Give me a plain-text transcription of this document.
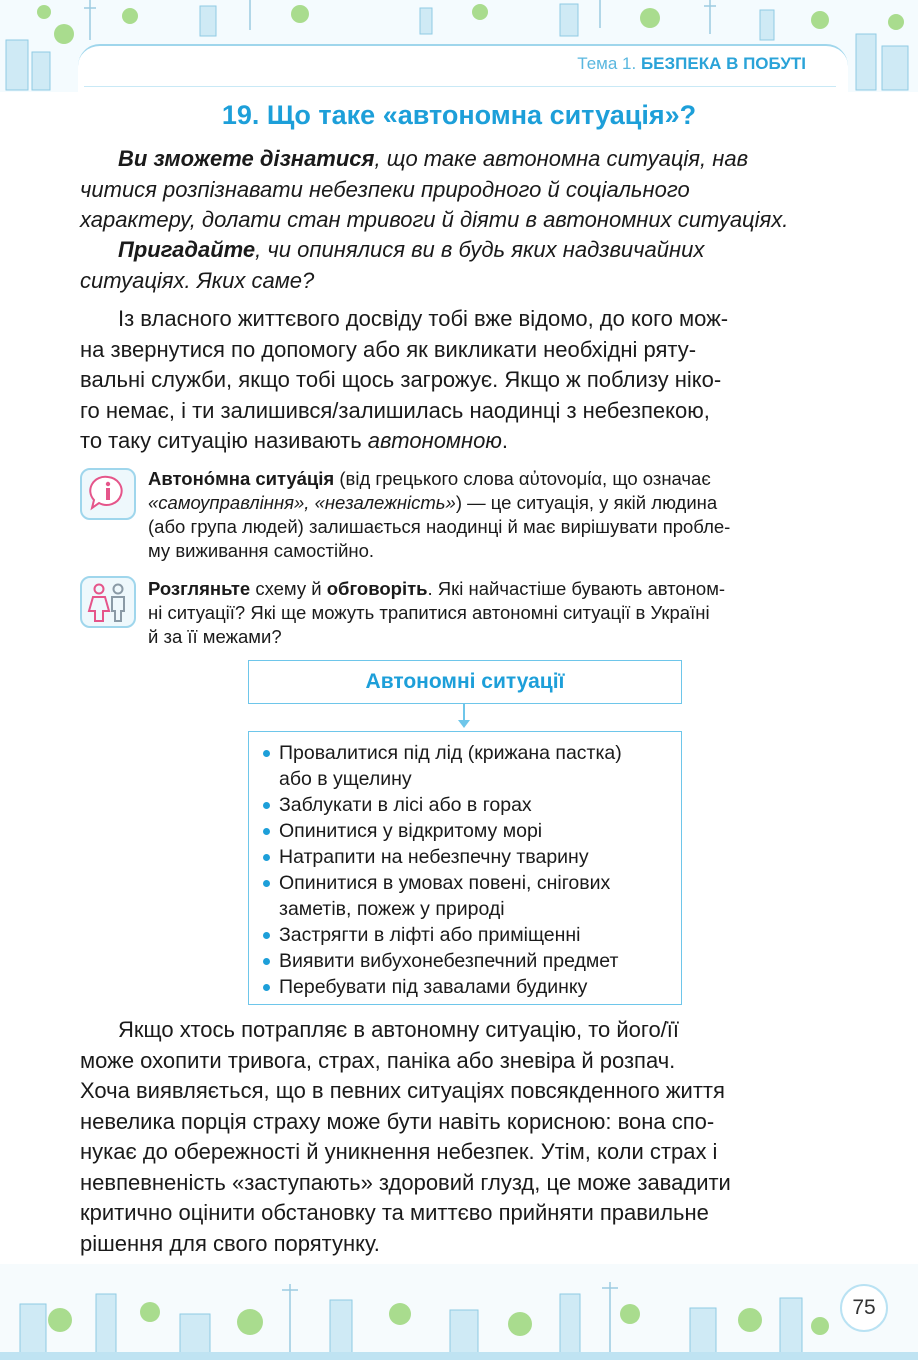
Тема 1. БЕЗПЕКА В ПОБУТІ
19. Що таке «автономна ситуація»?

Ви зможете дізнатися, що таке автономна ситуація, нав
читися розпізнавати небезпеки природного й соціального
характеру, долати стан тривоги й діяти в автономних ситуаціях.

Пригадайте, чи опинялися ви в будь яких надзвичайних
ситуаціях. Яких саме?

Із власного життєвого досвіду тобі вже відомо, до кого мож-
на звернутися по допомогу або як викликати необхідні ряту-
вальні служби, якщо тобі щось загрожує. Якщо ж поблизу ніко-
го немає, і ти залишився/залишилась наодинці з небезпекою,
то таку ситуацію називають автономною.

Автоно́мна ситуа́ція (від грецького слова αὐτονομία, що означає
«самоуправління», «незалежність») — це ситуація, у якій людина
(або група людей) залишається наодинці й має вирішувати пробле-
му виживання самостійно.

Розгляньте схему й обговоріть. Які найчастіше бувають автоном-
ні ситуації? Які ще можуть трапитися автономні ситуації в Україні
й за її межами?

Автономні ситуації
Провалитися під лід (крижана пастка)
або в ущелину
Заблукати в лісі або в горах
Опинитися у відкритому морі
Натрапити на небезпечну тварину
Опинитися в умовах повені, снігових
заметів, пожеж у природі
Застрягти в ліфті або приміщенні
Виявити вибухонебезпечний предмет
Перебувати під завалами будинку

Якщо хтось потрапляє в автономну ситуацію, то його/її
може охопити тривога, страх, паніка або зневіра й розпач.
Хоча виявляється, що в певних ситуаціях повсякденного життя
невелика порція страху може бути навіть корисною: вона спо-
нукає до обережності й уникнення небезпек. Утім, коли страх і
невпевненість «заступають» здоровий глузд, це може завадити
критично оцінити обстановку та миттєво прийняти правильне
рішення для свого порятунку.

75
